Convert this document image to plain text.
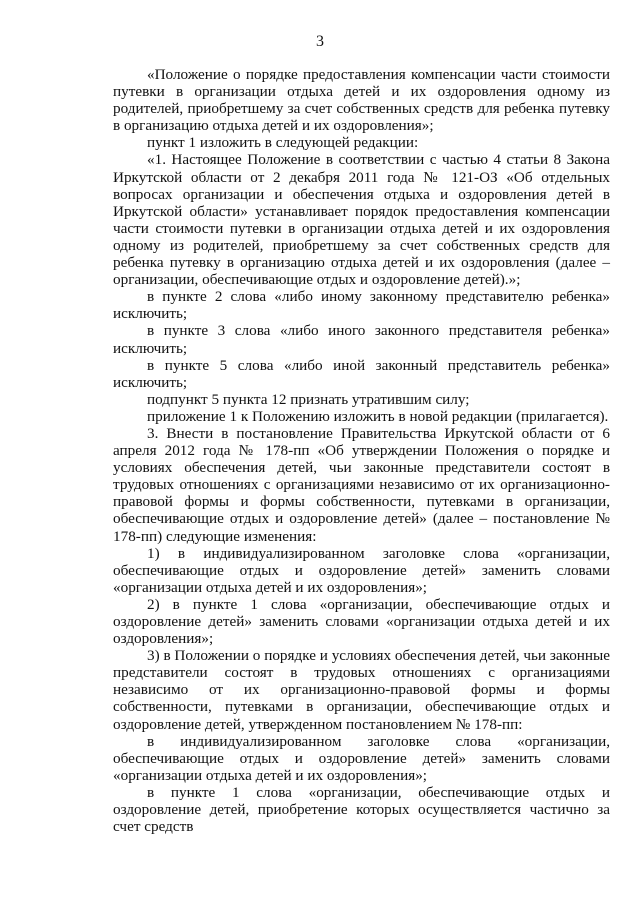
3

«Положение о порядке предоставления компенсации части стоимости путевки в организации отдыха детей и их оздоровления одному из родителей, приобретшему за счет собственных средств для ребенка путевку в организацию отдыха детей и их оздоровления»;

пункт 1 изложить в следующей редакции:

«1. Настоящее Положение в соответствии с частью 4 статьи 8 Закона Иркутской области от 2 декабря 2011 года № 121-ОЗ «Об отдельных вопросах организации и обеспечения отдыха и оздоровления детей в Иркутской области» устанавливает порядок предоставления компенсации части стоимости путевки в организации отдыха детей и их оздоровления одному из родителей, приобретшему за счет собственных средств для ребенка путевку в организацию отдыха детей и их оздоровления (далее – организации, обеспечивающие отдых и оздоровление детей).»;

в пункте 2 слова «либо иному законному представителю ребенка» исключить;

в пункте 3 слова «либо иного законного представителя ребенка» исключить;

в пункте 5 слова «либо иной законный представитель ребенка» исключить;

подпункт 5 пункта 12 признать утратившим силу;

приложение 1 к Положению изложить в новой редакции (прилагается).

3. Внести в постановление Правительства Иркутской области от 6 апреля 2012 года № 178-пп «Об утверждении Положения о порядке и условиях обеспечения детей, чьи законные представители состоят в трудовых отношениях с организациями независимо от их организационно-правовой формы и формы собственности, путевками в организации, обеспечивающие отдых и оздоровление детей» (далее – постановление № 178-пп) следующие изменения:

1) в индивидуализированном заголовке слова «организации, обеспечивающие отдых и оздоровление детей» заменить словами «организации отдыха детей и их оздоровления»;

2) в пункте 1 слова «организации, обеспечивающие отдых и оздоровление детей» заменить словами «организации отдыха детей и их оздоровления»;

3) в Положении о порядке и условиях обеспечения детей, чьи законные представители состоят в трудовых отношениях с организациями независимо от их организационно-правовой формы и формы собственности, путевками в организации, обеспечивающие отдых и оздоровление детей, утвержденном постановлением № 178-пп:

в индивидуализированном заголовке слова «организации, обеспечивающие отдых и оздоровление детей» заменить словами «организации отдыха детей и их оздоровления»;

в пункте 1 слова «организации, обеспечивающие отдых и оздоровление детей, приобретение которых осуществляется частично за счет средств
